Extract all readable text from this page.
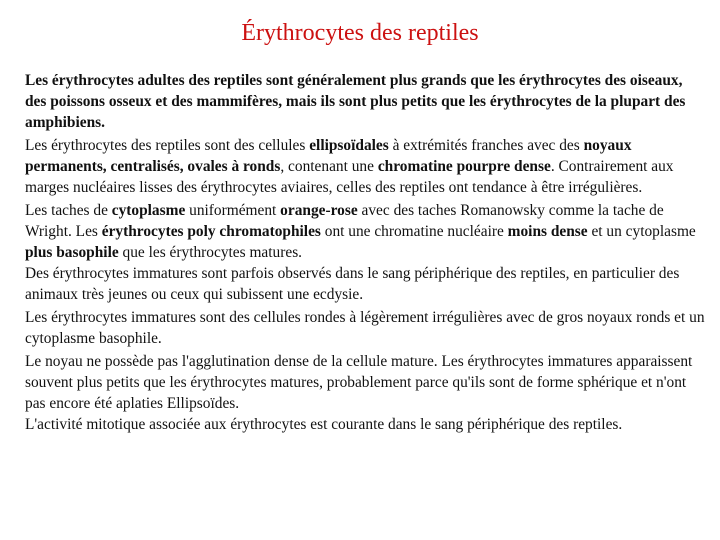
Érythrocytes des reptiles

Les érythrocytes adultes des reptiles sont généralement plus grands que les érythrocytes des oiseaux, des poissons osseux et des mammifères, mais ils sont plus petits que les érythrocytes de la plupart des amphibiens.

Les érythrocytes des reptiles sont des cellules ellipsoïdales à extrémités franches avec des noyaux permanents, centralisés, ovales à ronds, contenant une chromatine pourpre dense. Contrairement aux marges nucléaires lisses des érythrocytes aviaires, celles des reptiles ont tendance à être irrégulières.

Les taches de cytoplasme uniformément orange-rose avec des taches Romanowsky comme la tache de Wright. Les érythrocytes poly chromatophiles ont une chromatine nucléaire moins dense et un cytoplasme plus basophile que les érythrocytes matures.

Des érythrocytes immatures sont parfois observés dans le sang périphérique des reptiles, en particulier des animaux très jeunes ou ceux qui subissent une ecdysie.

Les érythrocytes immatures sont des cellules rondes à légèrement irrégulières avec de gros noyaux ronds et un cytoplasme basophile.

Le noyau ne possède pas l'agglutination dense de la cellule mature. Les érythrocytes immatures apparaissent souvent plus petits que les érythrocytes matures, probablement parce qu'ils sont de forme sphérique et n'ont pas encore été aplaties Ellipsoïdes.

L'activité mitotique associée aux érythrocytes est courante dans le sang périphérique des reptiles.
